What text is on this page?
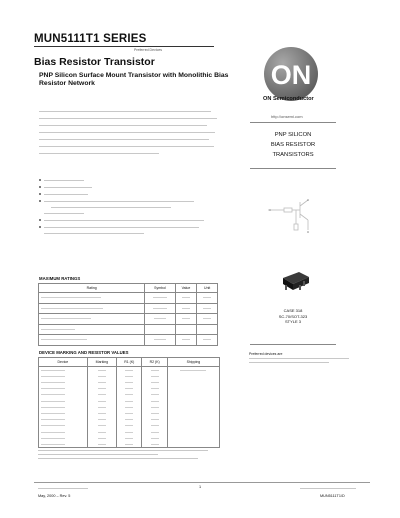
MUN5111T1 SERIES
Preferred Devices
Bias Resistor Transistor
PNP Silicon Surface Mount Transistor with Monolithic Bias Resistor Network
MAXIMUM RATINGS
Rating	Symbol	Value	Unit

DEVICE MARKING AND RESISTOR VALUES
Device	Marking	R1 (K)	R2 (K)	Shipping

ON
ON Semiconductor
http://onsemi.com
PNP SILICON
BIAS RESISTOR
TRANSISTORS
CASE 318
SC-70/SOT-323
STYLE 3
Preferred devices are
May, 2000 – Rev. 5
1
MUN5111T1/D
